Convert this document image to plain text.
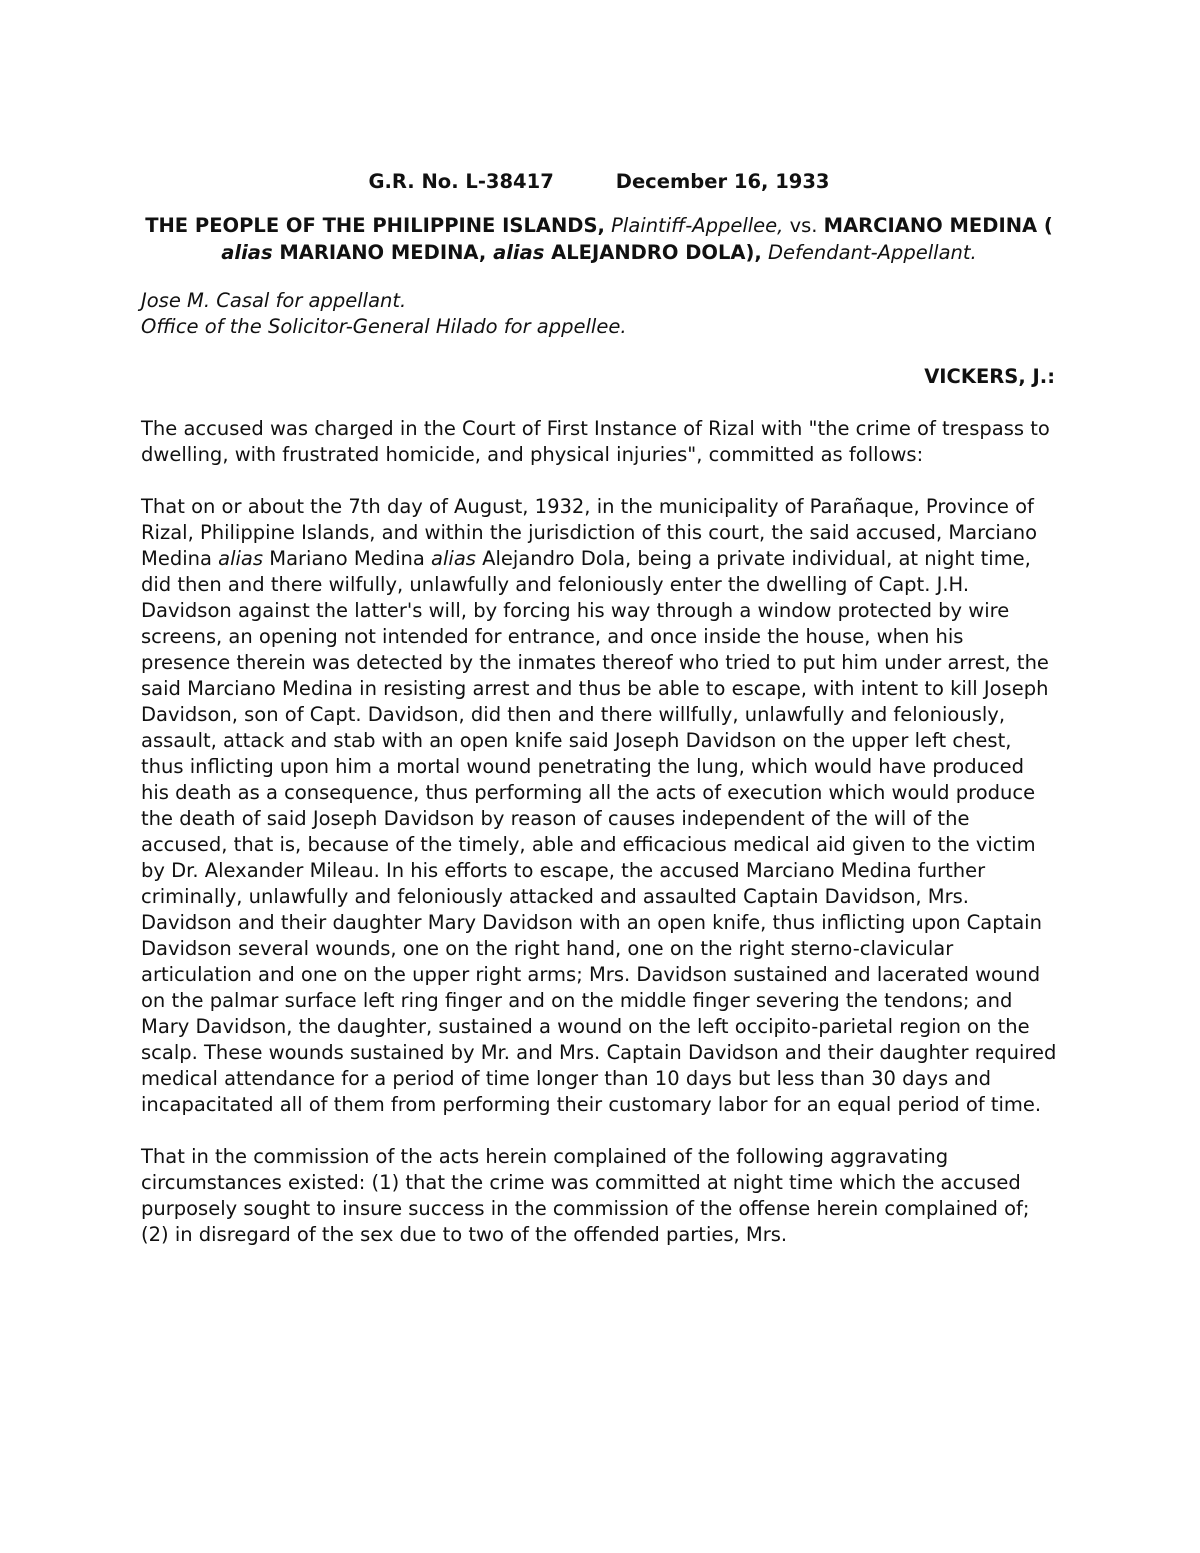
G.R. No. L-38417	December 16, 1933
THE PEOPLE OF THE PHILIPPINE ISLANDS, Plaintiff-Appellee, vs. MARCIANO MEDINA ( alias MARIANO MEDINA, alias ALEJANDRO DOLA), Defendant-Appellant.
Jose M. Casal for appellant.
Office of the Solicitor-General Hilado for appellee.
VICKERS, J.:

The accused was charged in the Court of First Instance of Rizal with "the crime of trespass to dwelling, with frustrated homicide, and physical injuries", committed as follows:

That on or about the 7th day of August, 1932, in the municipality of Parañaque, Province of Rizal, Philippine Islands, and within the jurisdiction of this court, the said accused, Marciano Medina alias Mariano Medina alias Alejandro Dola, being a private individual, at night time, did then and there wilfully, unlawfully and feloniously enter the dwelling of Capt. J.H. Davidson against the latter's will, by forcing his way through a window protected by wire screens, an opening not intended for entrance, and once inside the house, when his presence therein was detected by the inmates thereof who tried to put him under arrest, the said Marciano Medina in resisting arrest and thus be able to escape, with intent to kill Joseph Davidson, son of Capt. Davidson, did then and there willfully, unlawfully and feloniously, assault, attack and stab with an open knife said Joseph Davidson on the upper left chest, thus inflicting upon him a mortal wound penetrating the lung, which would have produced his death as a consequence, thus performing all the acts of execution which would produce the death of said Joseph Davidson by reason of causes independent of the will of the accused, that is, because of the timely, able and efficacious medical aid given to the victim by Dr. Alexander Mileau. In his efforts to escape, the accused Marciano Medina further criminally, unlawfully and feloniously attacked and assaulted Captain Davidson, Mrs. Davidson and their daughter Mary Davidson with an open knife, thus inflicting upon Captain Davidson several wounds, one on the right hand, one on the right sterno-clavicular articulation and one on the upper right arms; Mrs. Davidson sustained and lacerated wound on the palmar surface left ring finger and on the middle finger severing the tendons; and Mary Davidson, the daughter, sustained a wound on the left occipito-parietal region on the scalp. These wounds sustained by Mr. and Mrs. Captain Davidson and their daughter required medical attendance for a period of time longer than 10 days but less than 30 days and incapacitated all of them from performing their customary labor for an equal period of time.

That in the commission of the acts herein complained of the following aggravating circumstances existed: (1) that the crime was committed at night time which the accused purposely sought to insure success in the commission of the offense herein complained of; (2) in disregard of the sex due to two of the offended parties, Mrs.
